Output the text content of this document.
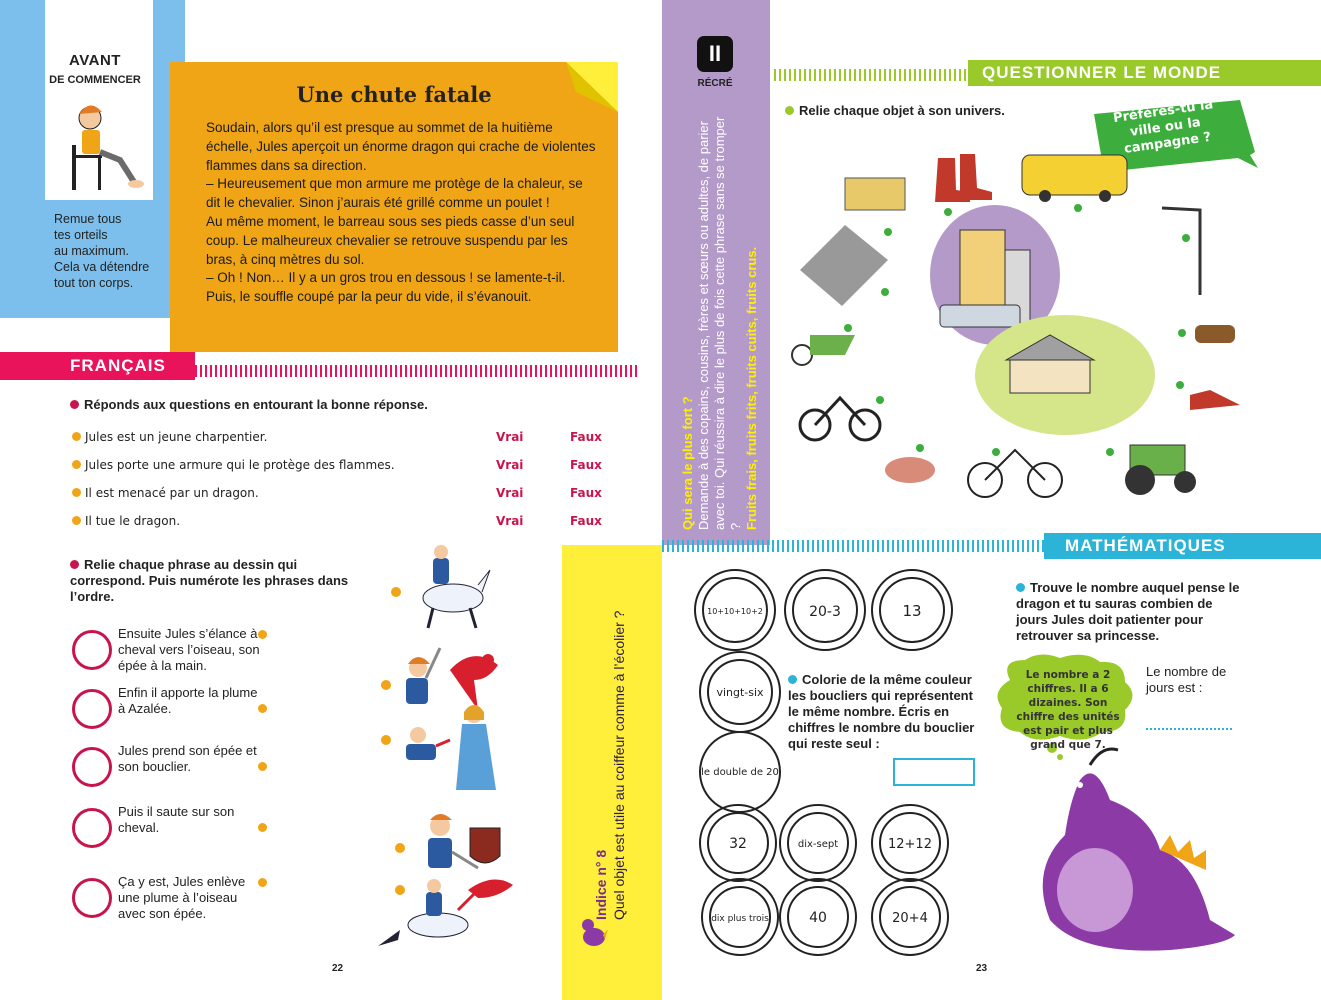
AVANT
DE COMMENCER
Remue tous
tes orteils
au maximum.
Cela va détendre
tout ton corps.
Une chute fatale

Soudain, alors qu’il est presque au sommet de la huitième échelle, Jules aperçoit un énorme dragon qui crache de violentes flammes dans sa direction.

– Heureusement que mon armure me protège de la chaleur, se dit le chevalier. Sinon j’aurais été grillé comme un poulet !

Au même moment, le barreau sous ses pieds casse d’un seul coup. Le malheureux chevalier se retrouve suspendu par les bras, à cinq mètres du sol.

– Oh ! Non… Il y a un gros trou en dessous ! se lamente-t-il. Puis, le souffle coupé par la peur du vide, il s’évanouit.

FRANÇAIS
Réponds aux questions en entourant la bonne réponse.
Jules est un jeune charpentier.	Vrai	Faux
Jules porte une armure qui le protège des flammes.	Vrai	Faux
Il est menacé par un dragon.	Vrai	Faux
Il tue le dragon.	Vrai	Faux
Relie chaque phrase au dessin qui correspond. Puis numérote les phrases dans l’ordre.
Ensuite Jules s’élance à cheval vers l’oiseau, son épée à la main.
Enfin il apporte la plume à Azalée.
Jules prend son épée et son bouclier.
Puis il saute sur son cheval.
Ça y est, Jules enlève une plume à l’oiseau avec son épée.
22
II
RÉCRÉ
Qui sera le plus fort ? Demande à des copains, cousins, frères et sœurs ou adultes, de parier avec toi. Qui réussira à dire le plus de fois cette phrase sans se tromper ? Fruits frais, fruits frits, fruits cuits, fruits crus.
Indice n° 8 Quel objet est utile au coiffeur comme à l’écolier ?
QUESTIONNER LE MONDE
Relie chaque objet à son univers.	Préfères-tu la ville ou la campagne ?
MATHÉMATIQUES
10+10+10+2	20-3	13
vingt-six
le double de 20
32	dix-sept	12+12
dix plus trois	40	20+4
Colorie de la même couleur les boucliers qui représentent le même nombre. Écris en chiffres le nombre du bouclier qui reste seul :
Trouve le nombre auquel pense le dragon et tu sauras combien de jours Jules doit patienter pour retrouver sa princesse.
Le nombre a 2 chiffres. Il a 6 dizaines. Son chiffre des unités est pair et plus grand que 7.
Le nombre de jours est :
23
